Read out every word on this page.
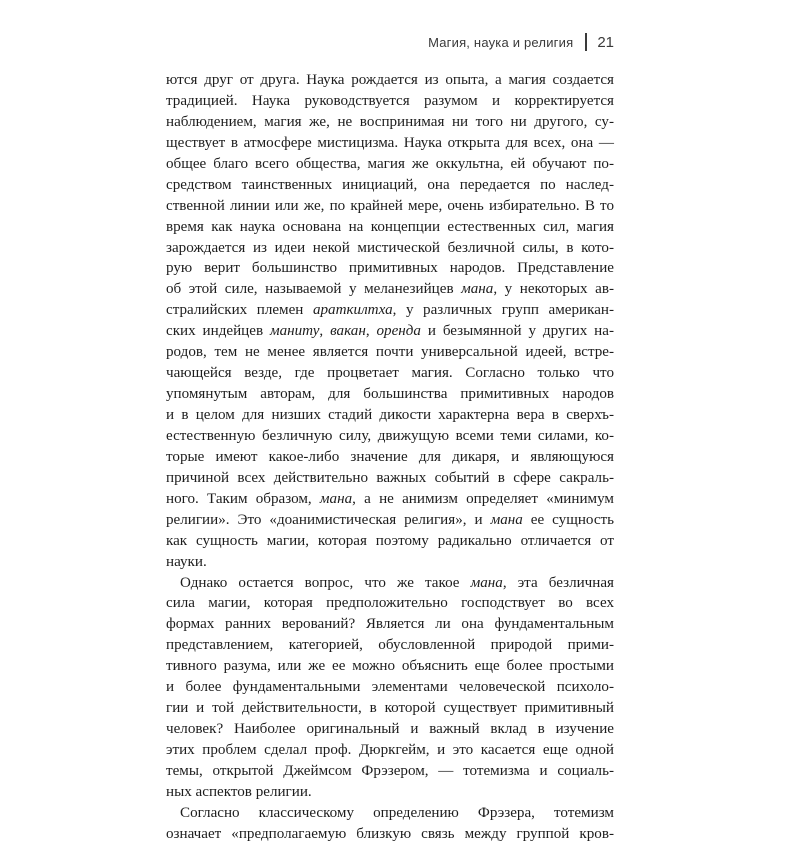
Магия, наука и религия 21
ются друг от друга. Наука рождается из опыта, а магия создается
традицией. Наука руководствуется разумом и корректируется
наблюдением, магия же, не воспринимая ни того ни другого, су-
ществует в атмосфере мистицизма. Наука открыта для всех, она —
общее благо всего общества, магия же оккультна, ей обучают по-
средством таинственных инициаций, она передается по наслед-
ственной линии или же, по крайней мере, очень избирательно. В то
время как наука основана на концепции естественных сил, магия
зарождается из идеи некой мистической безличной силы, в кото-
рую верит большинство примитивных народов. Представление
об этой силе, называемой у меланезийцев мана, у некоторых ав-
стралийских племен араткилтха, у различных групп американ-
ских индейцев маниту, вакан, оренда и безымянной у других на-
родов, тем не менее является почти универсальной идеей, встре-
чающейся везде, где процветает магия. Согласно только что
упомянутым авторам, для большинства примитивных народов
и в целом для низших стадий дикости характерна вера в сверхъ-
естественную безличную силу, движущую всеми теми силами, ко-
торые имеют какое-либо значение для дикаря, и являющуюся
причиной всех действительно важных событий в сфере сакраль-
ного. Таким образом, мана, а не анимизм определяет «минимум
религии». Это «доанимистическая религия», и мана ее сущность
как сущность магии, которая поэтому радикально отличается от
науки.
Однако остается вопрос, что же такое мана, эта безличная
сила магии, которая предположительно господствует во всех
формах ранних верований? Является ли она фундаментальным
представлением, категорией, обусловленной природой прими-
тивного разума, или же ее можно объяснить еще более простыми
и более фундаментальными элементами человеческой психоло-
гии и той действительности, в которой существует примитивный
человек? Наиболее оригинальный и важный вклад в изучение
этих проблем сделал проф. Дюркгейм, и это касается еще одной
темы, открытой Джеймсом Фрэзером, — тотемизма и социаль-
ных аспектов религии.
Согласно классическому определению Фрэзера, тотемизм
означает «предполагаемую близкую связь между группой кров-
